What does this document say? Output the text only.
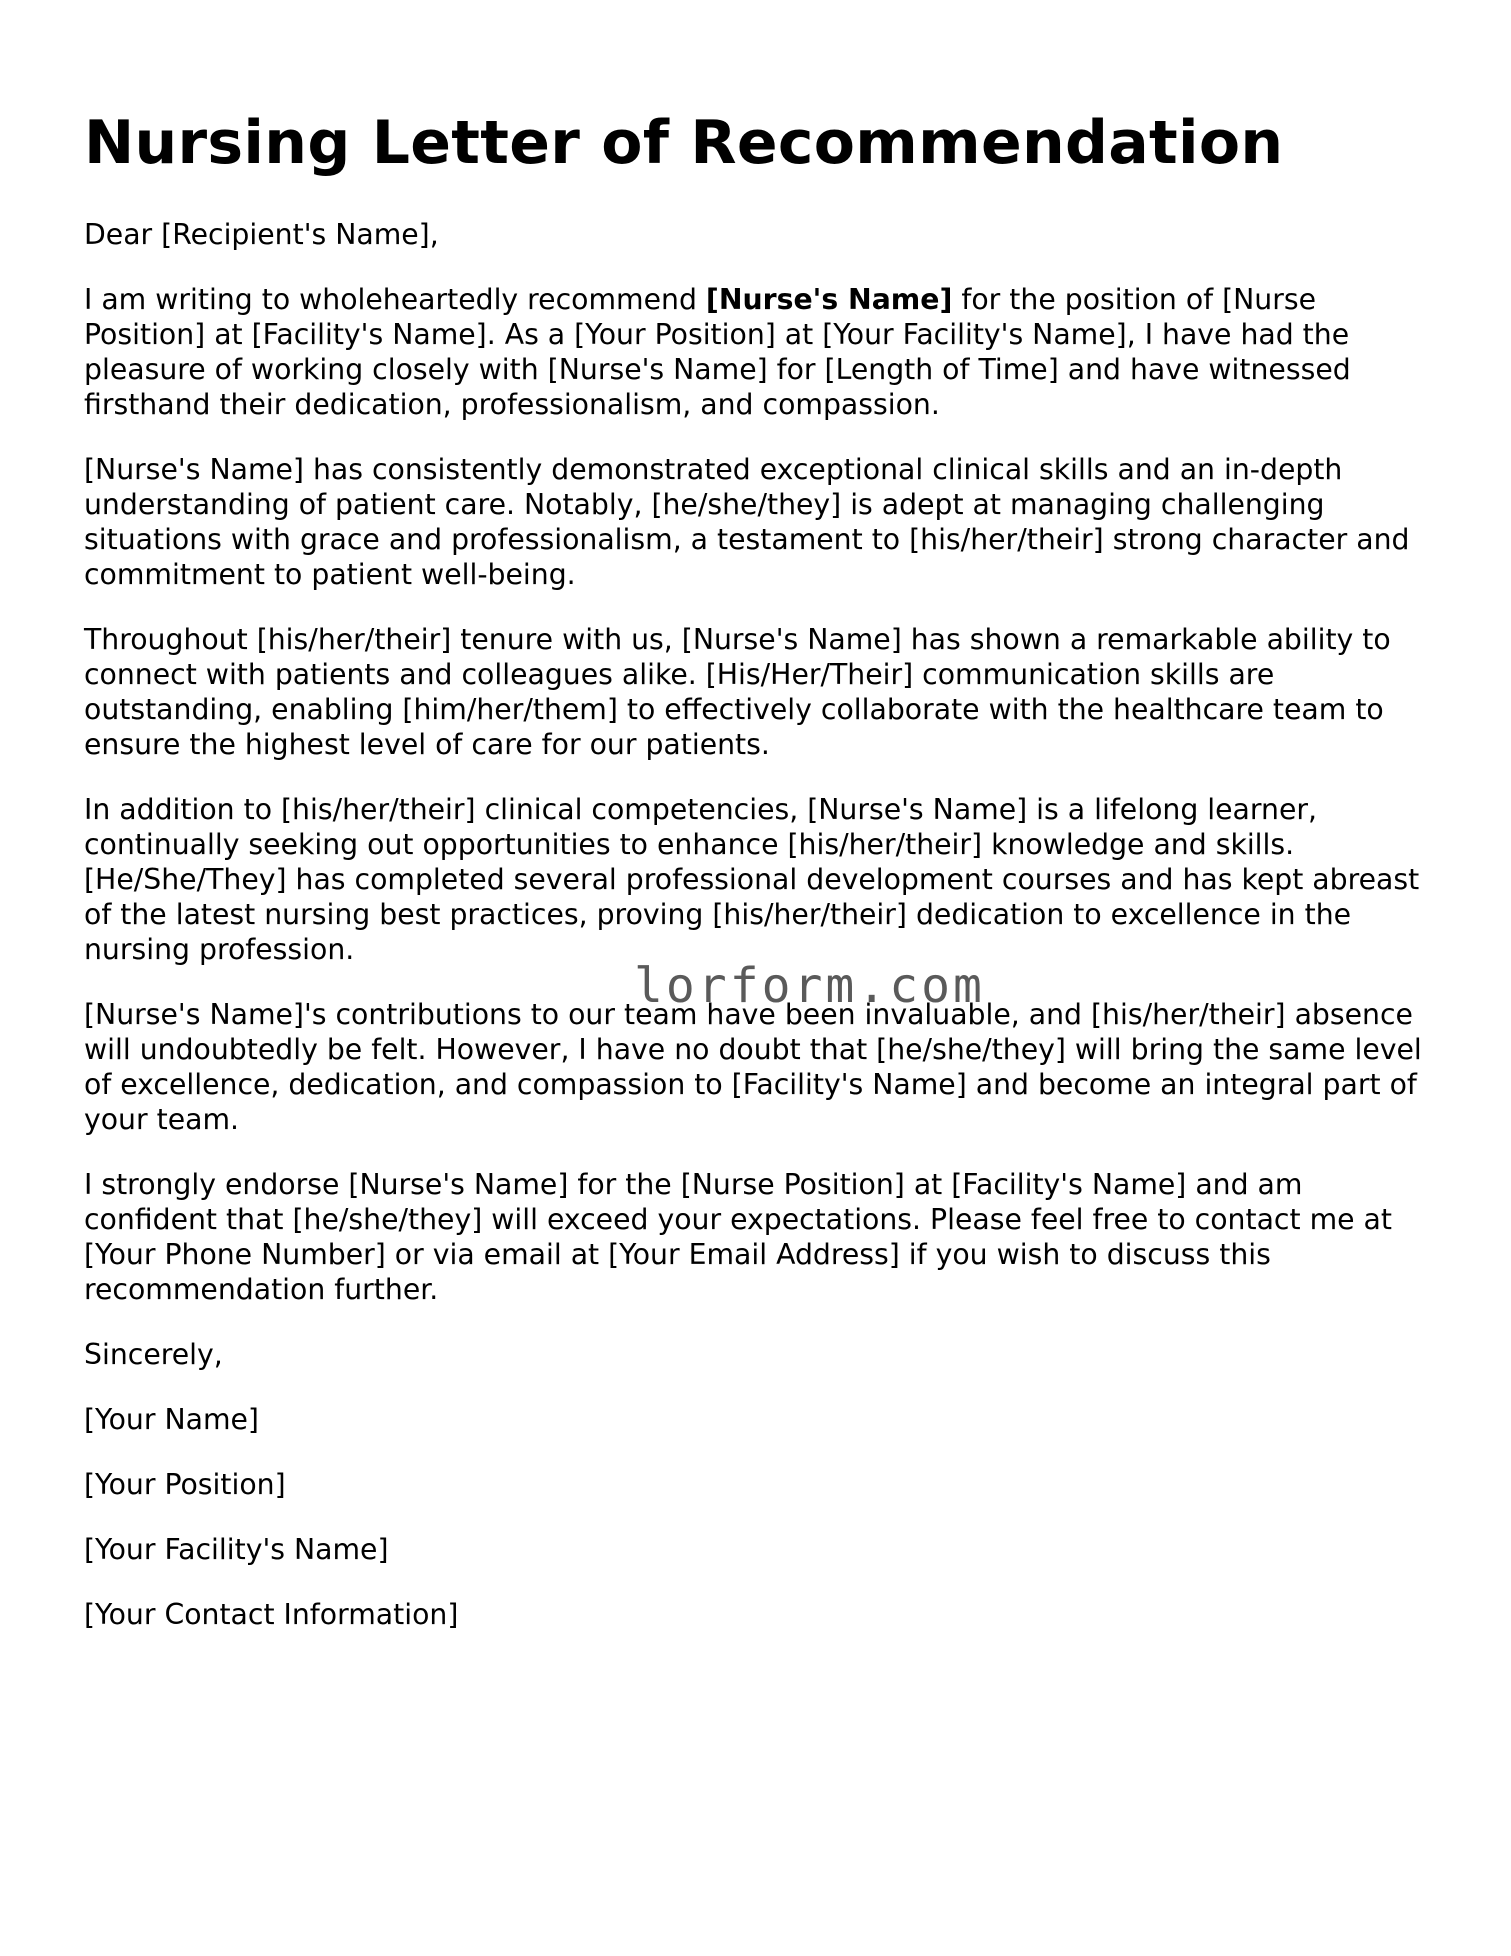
Nursing Letter of Recommendation

Dear [Recipient's Name],

I am writing to wholeheartedly recommend [Nurse's Name] for the position of [Nurse Position] at [Facility's Name]. As a [Your Position] at [Your Facility's Name], I have had the pleasure of working closely with [Nurse's Name] for [Length of Time] and have witnessed firsthand their dedication, professionalism, and compassion.

[Nurse's Name] has consistently demonstrated exceptional clinical skills and an in-depth understanding of patient care. Notably, [he/she/they] is adept at managing challenging situations with grace and professionalism, a testament to [his/her/their] strong character and commitment to patient well-being.

Throughout [his/her/their] tenure with us, [Nurse's Name] has shown a remarkable ability to connect with patients and colleagues alike. [His/Her/Their] communication skills are outstanding, enabling [him/her/them] to effectively collaborate with the healthcare team to ensure the highest level of care for our patients.

In addition to [his/her/their] clinical competencies, [Nurse's Name] is a lifelong learner, continually seeking out opportunities to enhance [his/her/their] knowledge and skills. [He/She/They] has completed several professional development courses and has kept abreast of the latest nursing best practices, proving [his/her/their] dedication to excellence in the nursing profession.

[Nurse's Name]'s contributions to our team have been invaluable, and [his/her/their] absence will undoubtedly be felt. However, I have no doubt that [he/she/they] will bring the same level of excellence, dedication, and compassion to [Facility's Name] and become an integral part of your team.

I strongly endorse [Nurse's Name] for the [Nurse Position] at [Facility's Name] and am confident that [he/she/they] will exceed your expectations. Please feel free to contact me at [Your Phone Number] or via email at [Your Email Address] if you wish to discuss this recommendation further.

Sincerely,

[Your Name]

[Your Position]

[Your Facility's Name]

[Your Contact Information]

lorform.com
